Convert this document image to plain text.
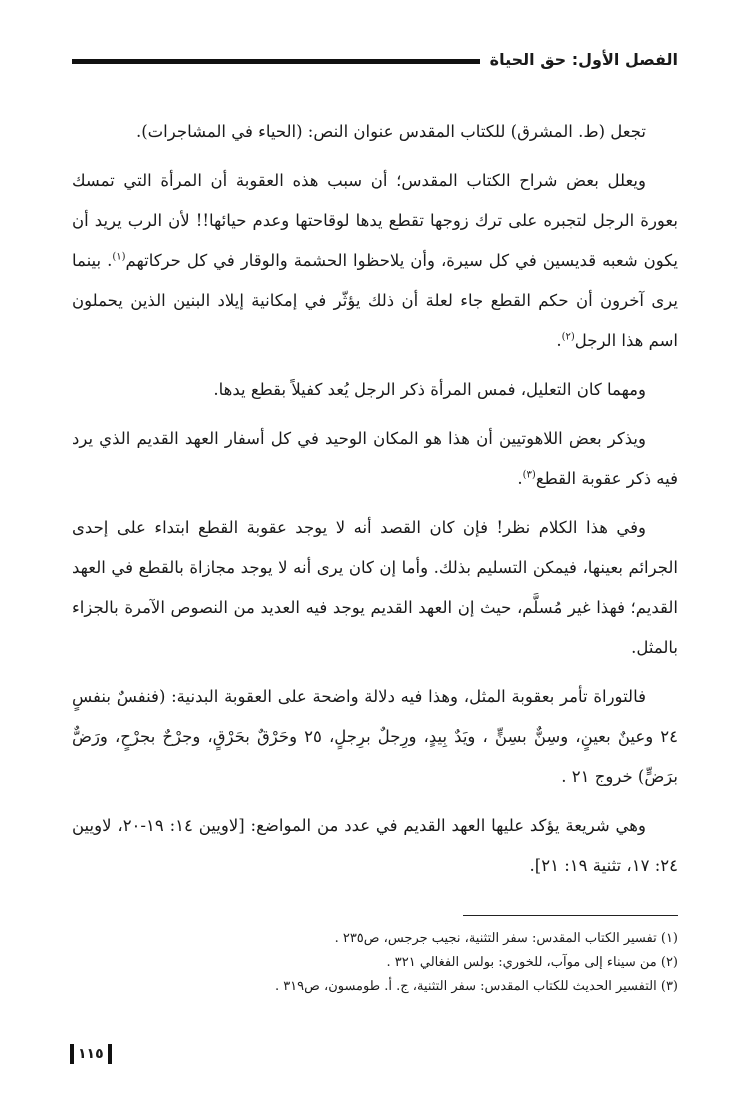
الفصل الأول: حق الحياة

تجعل (ط. المشرق) للكتاب المقدس عنوان النص: (الحياء في المشاجرات).

ويعلل بعض شراح الكتاب المقدس؛ أن سبب هذه العقوبة أن المرأة التي تمسك بعورة الرجل لتجبره على ترك زوجها تقطع يدها لوقاحتها وعدم حيائها!! لأن الرب يريد أن يكون شعبه قديسين في كل سيرة، وأن يلاحظوا الحشمة والوقار في كل حركاتهم$^{(١)}$. بينما يرى آخرون أن حكم القطع جاء لعلة أن ذلك يؤثّر في إمكانية إيلاد البنين الذين يحملون اسم هذا الرجل$^{(٢)}$.

ومهما كان التعليل، فمس المرأة ذكر الرجل يُعد كفيلاً بقطع يدها.

ويذكر بعض اللاهوتيين أن هذا هو المكان الوحيد في كل أسفار العهد القديم الذي يرد فيه ذكر عقوبة القطع$^{(٣)}$.

وفي هذا الكلام نظر! فإن كان القصد أنه لا يوجد عقوبة القطع ابتداء على إحدى الجرائم بعينها، فيمكن التسليم بذلك. وأما إن كان يرى أنه لا يوجد مجازاة بالقطع في العهد القديم؛ فهذا غير مُسلَّم، حيث إن العهد القديم يوجد فيه العديد من النصوص الآمرة بالجزاء بالمثل.

فالتوراة تأمر بعقوبة المثل، وهذا فيه دلالة واضحة على العقوبة البدنية: (فنفسٌ بنفسٍ ٢٤ وعينٌ بعينٍ، وسِنٌّ بسِنٍّ ، ويَدٌ بِيدٍ، ورِجلٌ برِجلٍ، ٢٥ وحَرْقٌ بحَرْقٍ، وجرْحٌ بجرْحٍ، ورَضٌّ برَضٍّ) خروج ٢١ .

وهي شريعة يؤكد عليها العهد القديم في عدد من المواضع: [لاويين ١٤: ١٩-٢٠، لاويين ٢٤: ١٧، تثنية ١٩: ٢١].

(١) تفسير الكتاب المقدس: سفر التثنية، نجيب جرجس، ص٢٣٥ .
(٢) من سيناء إلى موآب، للخوري: بولس الفغالي ٣٢١ .
(٣) التفسير الحديث للكتاب المقدس: سفر التثنية، ج. أ. طومسون، ص٣١٩ .
١١٥
